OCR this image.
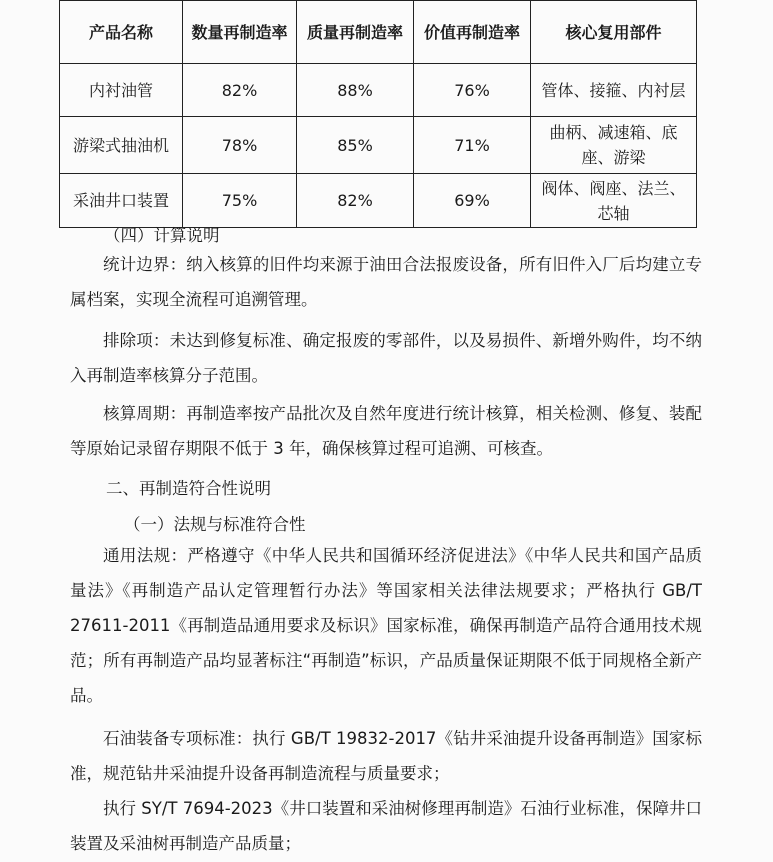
产品名称	数量再制造率	质量再制造率	价值再制造率	核心复用部件
内衬油管	82%	88%	76%	管体、接箍、内衬层
游梁式抽油机	78%	85%	71%	曲柄、减速箱、底座、游梁
采油井口装置	75%	82%	69%	阀体、阀座、法兰、芯轴

（四）计算说明

统计边界：纳入核算的旧件均来源于油田合法报废设备，所有旧件入厂后均建立专属档案，实现全流程可追溯管理。

排除项：未达到修复标准、确定报废的零部件，以及易损件、新增外购件，均不纳入再制造率核算分子范围。

核算周期：再制造率按产品批次及自然年度进行统计核算，相关检测、修复、装配等原始记录留存期限不低于 3 年，确保核算过程可追溯、可核查。

二、再制造符合性说明

（一）法规与标准符合性

通用法规：严格遵守《中华人民共和国循环经济促进法》《中华人民共和国产品质量法》《再制造产品认定管理暂行办法》等国家相关法律法规要求；严格执行 GB/T 27611-2011《再制造品通用要求及标识》国家标准，确保再制造产品符合通用技术规范；所有再制造产品均显著标注“再制造”标识，产品质量保证期限不低于同规格全新产品。

石油装备专项标准：执行 GB/T 19832-2017《钻井采油提升设备再制造》国家标准，规范钻井采油提升设备再制造流程与质量要求；

执行 SY/T 7694-2023《井口装置和采油树修理再制造》石油行业标准，保障井口装置及采油树再制造产品质量；
